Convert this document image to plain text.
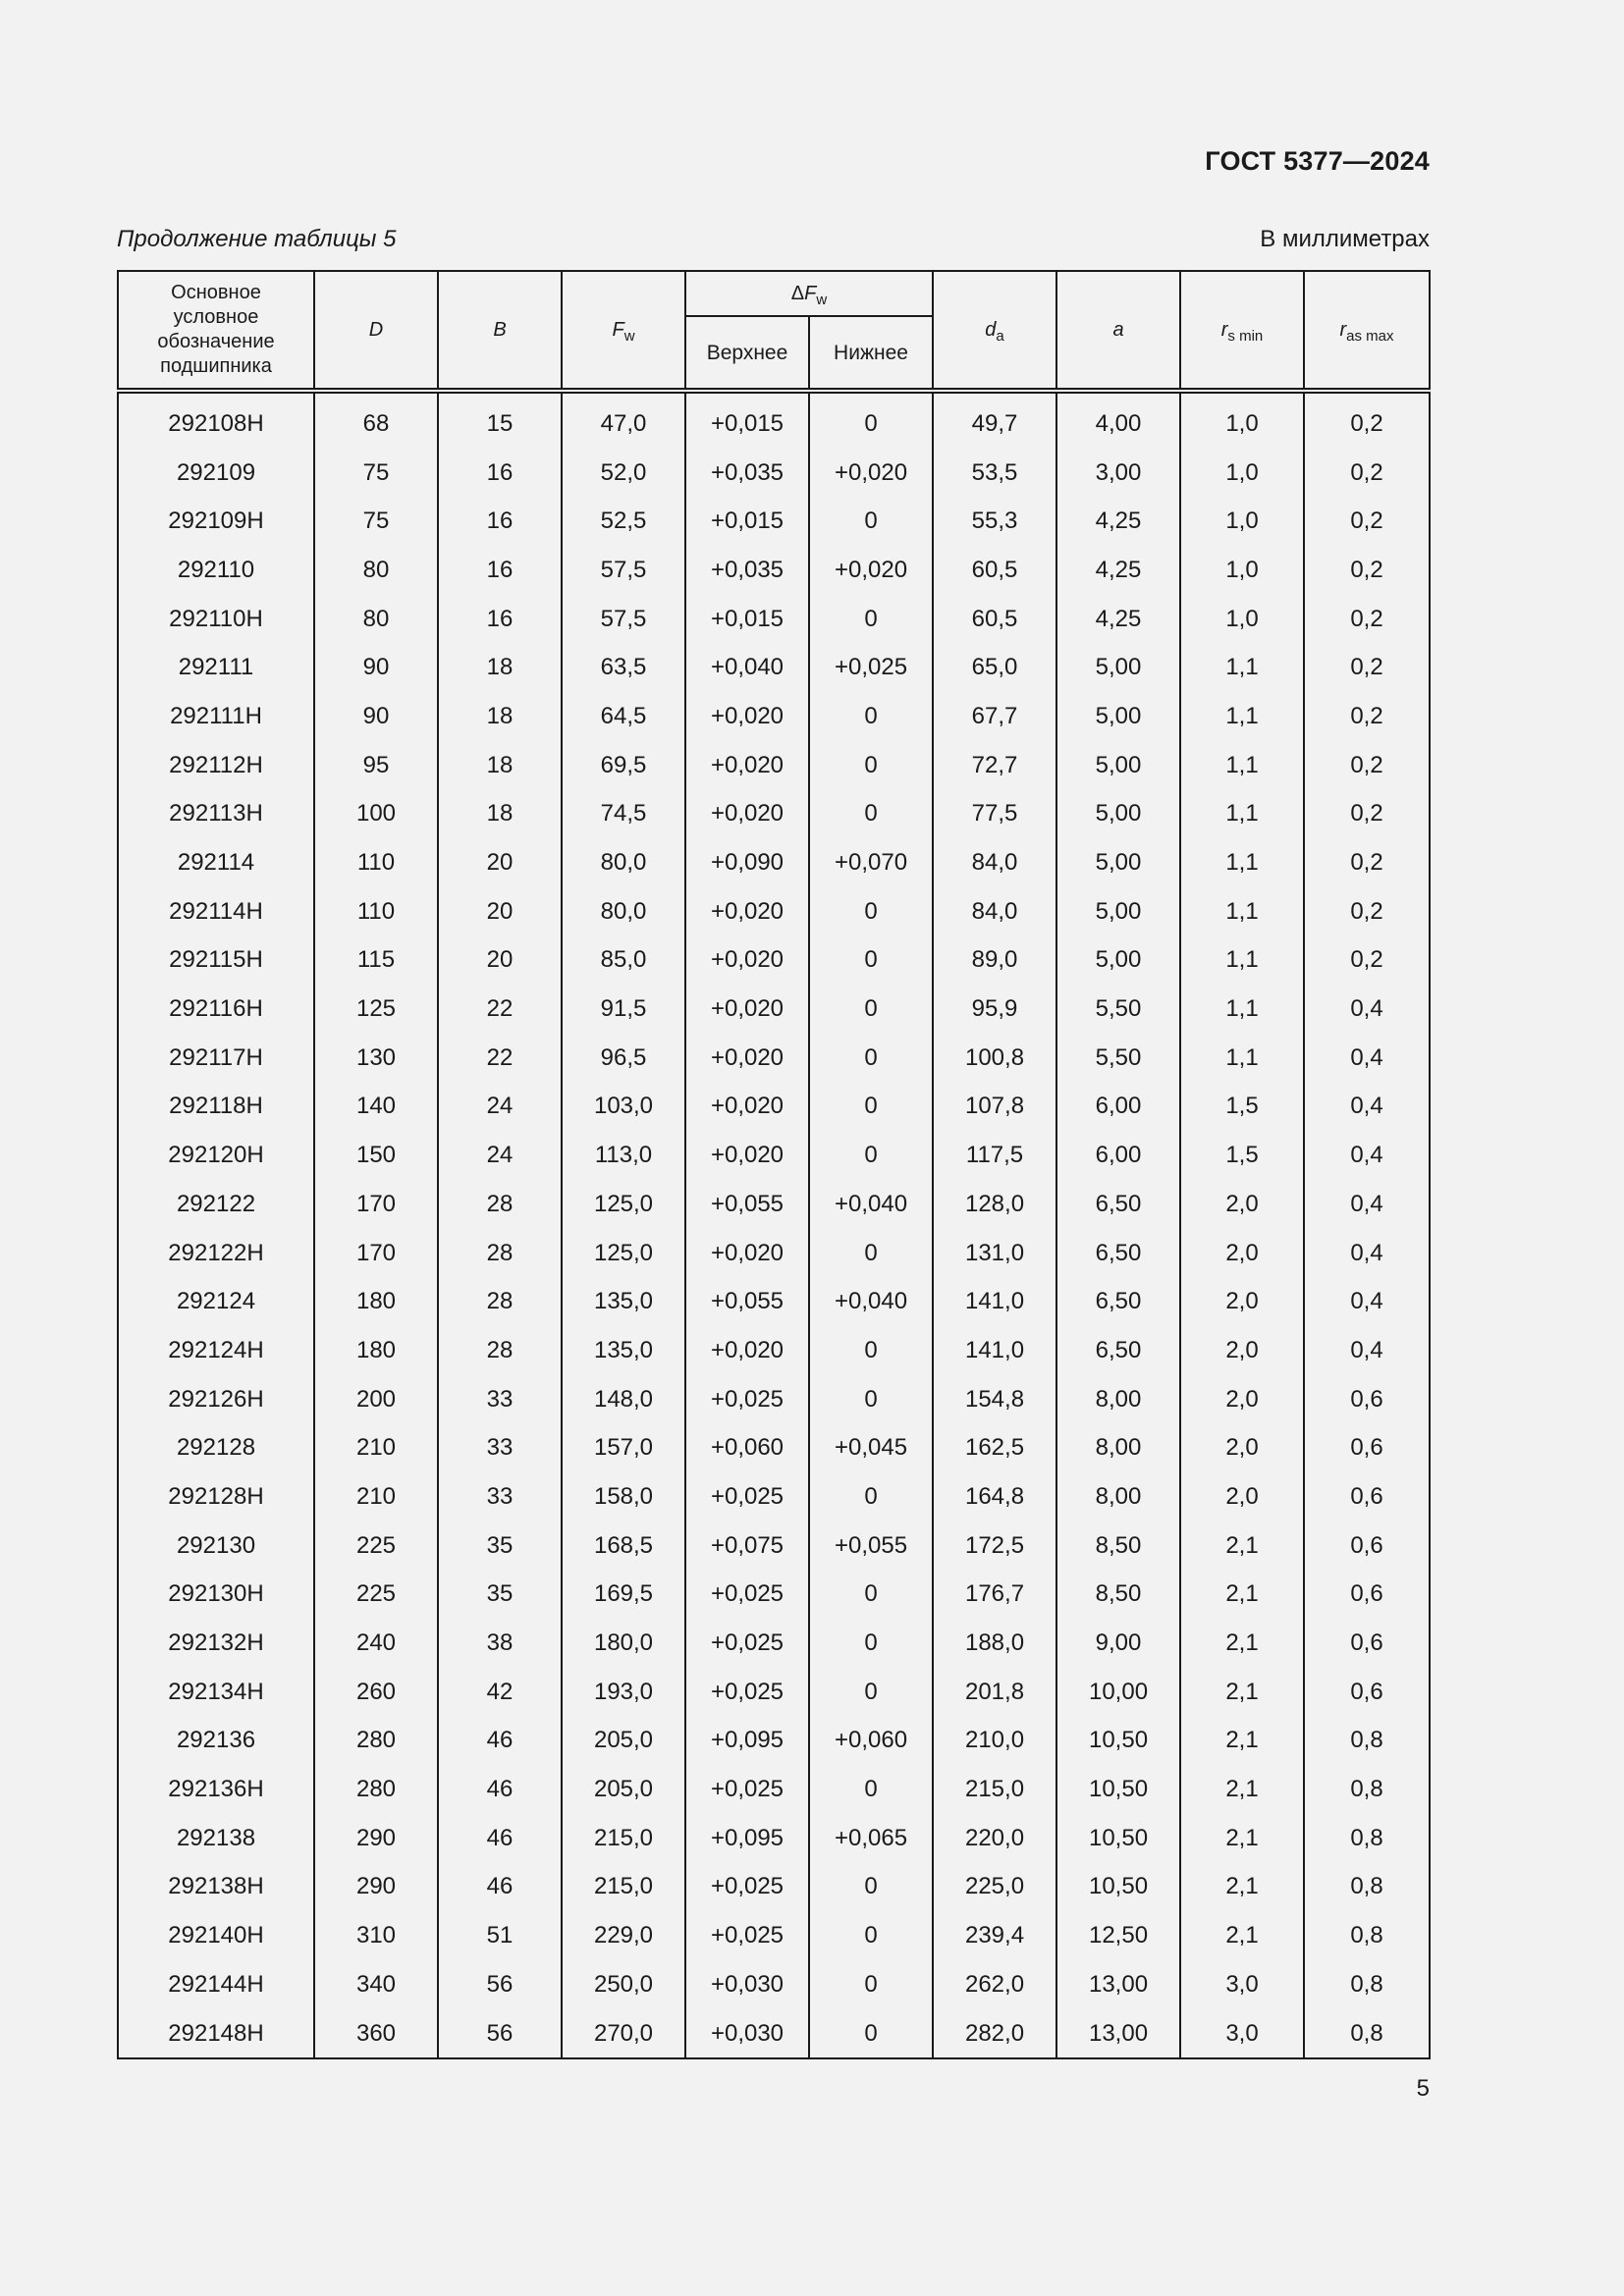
ГОСТ 5377—2024
Продолжение таблицы 5	В миллиметрах
Основное условное обозначение подшипника	D	B	$F_w$	$\Delta F_w$		$d_a$	a	$r_{s min}$	$r_{as max}$
				Верхнее	Нижнее				
292108Н	68	15	47,0	+0,015	0	49,7	4,00	1,0	0,2
292109	75	16	52,0	+0,035	+0,020	53,5	3,00	1,0	0,2
292109Н	75	16	52,5	+0,015	0	55,3	4,25	1,0	0,2
292110	80	16	57,5	+0,035	+0,020	60,5	4,25	1,0	0,2
292110Н	80	16	57,5	+0,015	0	60,5	4,25	1,0	0,2
292111	90	18	63,5	+0,040	+0,025	65,0	5,00	1,1	0,2
292111Н	90	18	64,5	+0,020	0	67,7	5,00	1,1	0,2
292112Н	95	18	69,5	+0,020	0	72,7	5,00	1,1	0,2
292113Н	100	18	74,5	+0,020	0	77,5	5,00	1,1	0,2
292114	110	20	80,0	+0,090	+0,070	84,0	5,00	1,1	0,2
292114Н	110	20	80,0	+0,020	0	84,0	5,00	1,1	0,2
292115Н	115	20	85,0	+0,020	0	89,0	5,00	1,1	0,2
292116Н	125	22	91,5	+0,020	0	95,9	5,50	1,1	0,4
292117Н	130	22	96,5	+0,020	0	100,8	5,50	1,1	0,4
292118Н	140	24	103,0	+0,020	0	107,8	6,00	1,5	0,4
292120Н	150	24	113,0	+0,020	0	117,5	6,00	1,5	0,4
292122	170	28	125,0	+0,055	+0,040	128,0	6,50	2,0	0,4
292122Н	170	28	125,0	+0,020	0	131,0	6,50	2,0	0,4
292124	180	28	135,0	+0,055	+0,040	141,0	6,50	2,0	0,4
292124Н	180	28	135,0	+0,020	0	141,0	6,50	2,0	0,4
292126Н	200	33	148,0	+0,025	0	154,8	8,00	2,0	0,6
292128	210	33	157,0	+0,060	+0,045	162,5	8,00	2,0	0,6
292128Н	210	33	158,0	+0,025	0	164,8	8,00	2,0	0,6
292130	225	35	168,5	+0,075	+0,055	172,5	8,50	2,1	0,6
292130Н	225	35	169,5	+0,025	0	176,7	8,50	2,1	0,6
292132Н	240	38	180,0	+0,025	0	188,0	9,00	2,1	0,6
292134Н	260	42	193,0	+0,025	0	201,8	10,00	2,1	0,6
292136	280	46	205,0	+0,095	+0,060	210,0	10,50	2,1	0,8
292136Н	280	46	205,0	+0,025	0	215,0	10,50	2,1	0,8
292138	290	46	215,0	+0,095	+0,065	220,0	10,50	2,1	0,8
292138Н	290	46	215,0	+0,025	0	225,0	10,50	2,1	0,8
292140Н	310	51	229,0	+0,025	0	239,4	12,50	2,1	0,8
292144Н	340	56	250,0	+0,030	0	262,0	13,00	3,0	0,8
292148Н	360	56	270,0	+0,030	0	282,0	13,00	3,0	0,8
5
